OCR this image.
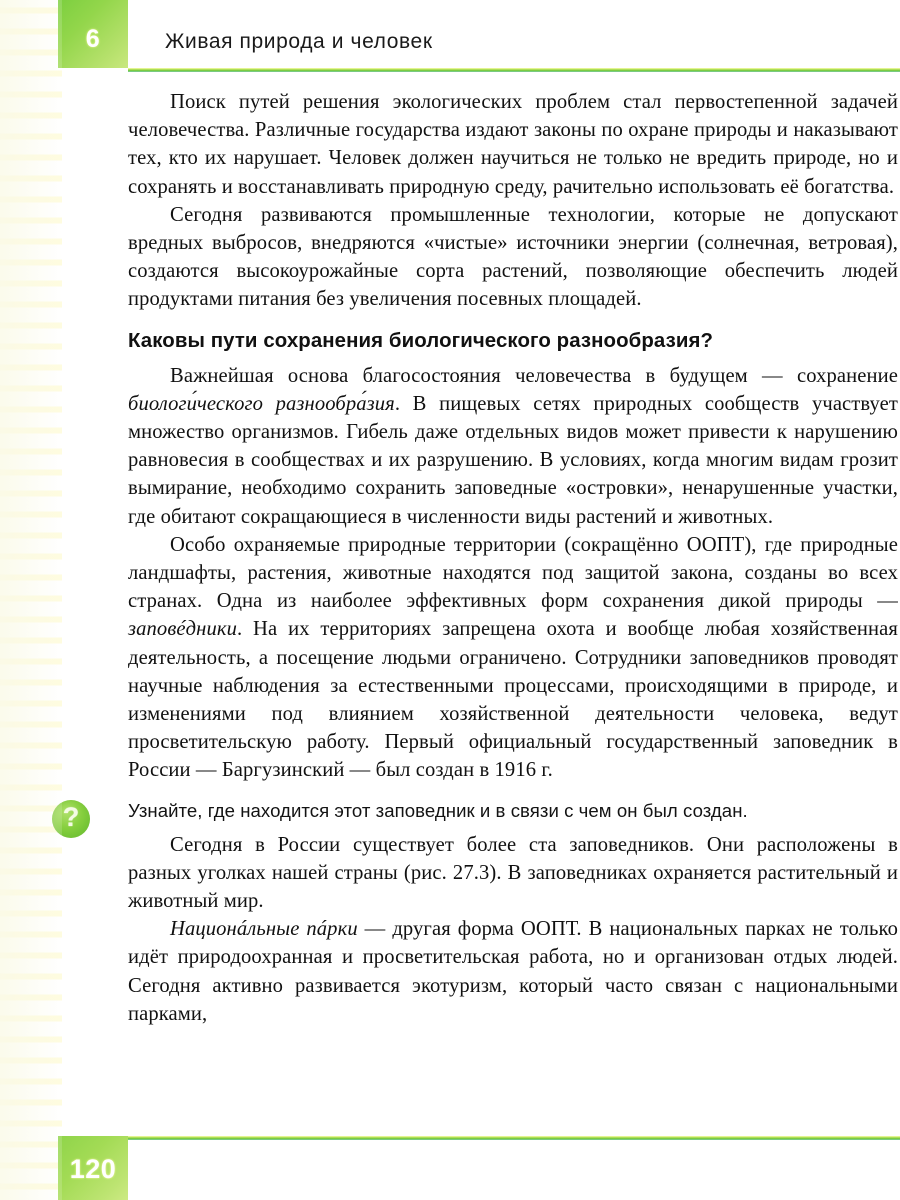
6	Живая природа и человек

Поиск путей решения экологических проблем стал первостепенной задачей человечества. Различные государства издают законы по охране природы и наказывают тех, кто их нарушает. Человек должен научиться не только не вредить природе, но и сохранять и восстанавливать природную среду, рачительно использовать её богатства.

Сегодня развиваются промышленные технологии, которые не допускают вредных выбросов, внедряются «чистые» источники энергии (солнечная, ветровая), создаются высокоурожайные сорта растений, позволяющие обеспечить людей продуктами питания без увеличения посевных площадей.

Каковы пути сохранения биологического разнообразия?

Важнейшая основа благосостояния человечества в будущем — сохранение биологи́ческого разнообра́зия. В пищевых сетях природных сообществ участвует множество организмов. Гибель даже отдельных видов может привести к нарушению равновесия в сообществах и их разрушению. В условиях, когда многим видам грозит вымирание, необходимо сохранить заповедные «островки», ненарушенные участки, где обитают сокращающиеся в численности виды растений и животных.

Особо охраняемые природные территории (сокращённо ООПТ), где природные ландшафты, растения, животные находятся под защитой закона, созданы во всех странах. Одна из наиболее эффективных форм сохранения дикой природы — заповéдники. На их территориях запрещена охота и вообще любая хозяйственная деятельность, а посещение людьми ограничено. Сотрудники заповедников проводят научные наблюдения за естественными процессами, происходящими в природе, и изменениями под влиянием хозяйственной деятельности человека, ведут просветительскую работу. Первый официальный государственный заповедник в России — Баргузинский — был создан в 1916 г.

?	Узнайте, где находится этот заповедник и в связи с чем он был создан.

Сегодня в России существует более ста заповедников. Они расположены в разных уголках нашей страны (рис. 27.3). В заповедниках охраняется растительный и животный мир.

Национáльные пáрки — другая форма ООПТ. В национальных парках не только идёт природоохранная и просветительская работа, но и организован отдых людей. Сегодня активно развивается экотуризм, который часто связан с национальными парками,

120
